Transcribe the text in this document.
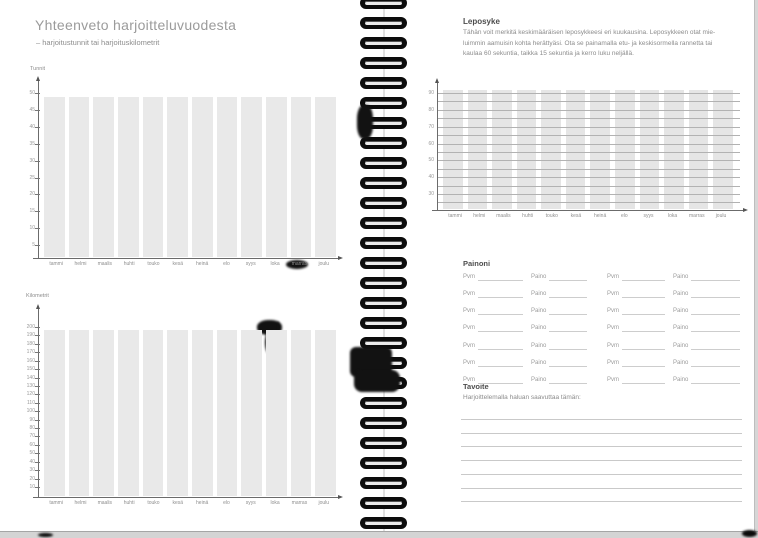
Yhteenveto harjoitteluvuodesta
– harjoitustunnit tai harjoituskilometrit
Tunnit
Kilometrit
Leposyke
Tähän voit merkitä keskimääräisen leposykkeesi eri kuukausina. Leposykkeen otat mie-
luimmin aamuisin kohta herättyäsi. Ota se painamalla etu- ja keskisormella rannetta tai
kaulaa 60 sekuntia, taikka 15 sekuntia ja kerro luku neljällä.
Painoni
Tavoite
Harjoittelemalla haluan saavuttaa tämän:
50
45
40
35
30
25
20
15
10
5
tammi	helmi	maalis	huhti	touko	kesä	heinä	elo	syys	loka	marras	joulu
200
190
180
170
160
150
140
130
120
110
100
90
80
70
60
50
40
30
20
10
tammi	helmi	maalis	huhti	touko	kesä	heinä	elo	syys	loka	marras	joulu
90
80
70
60
50
40
30
tammi	helmi	maalis	huhti	touko	kesä	heinä	elo	syys	loka	marras	joulu
Pvm	Paino	Pvm	Paino
Pvm	Paino	Pvm	Paino
Pvm	Paino	Pvm	Paino
Pvm	Paino	Pvm	Paino
Pvm	Paino	Pvm	Paino
Pvm	Paino	Pvm	Paino
Pvm	Paino	Pvm	Paino
